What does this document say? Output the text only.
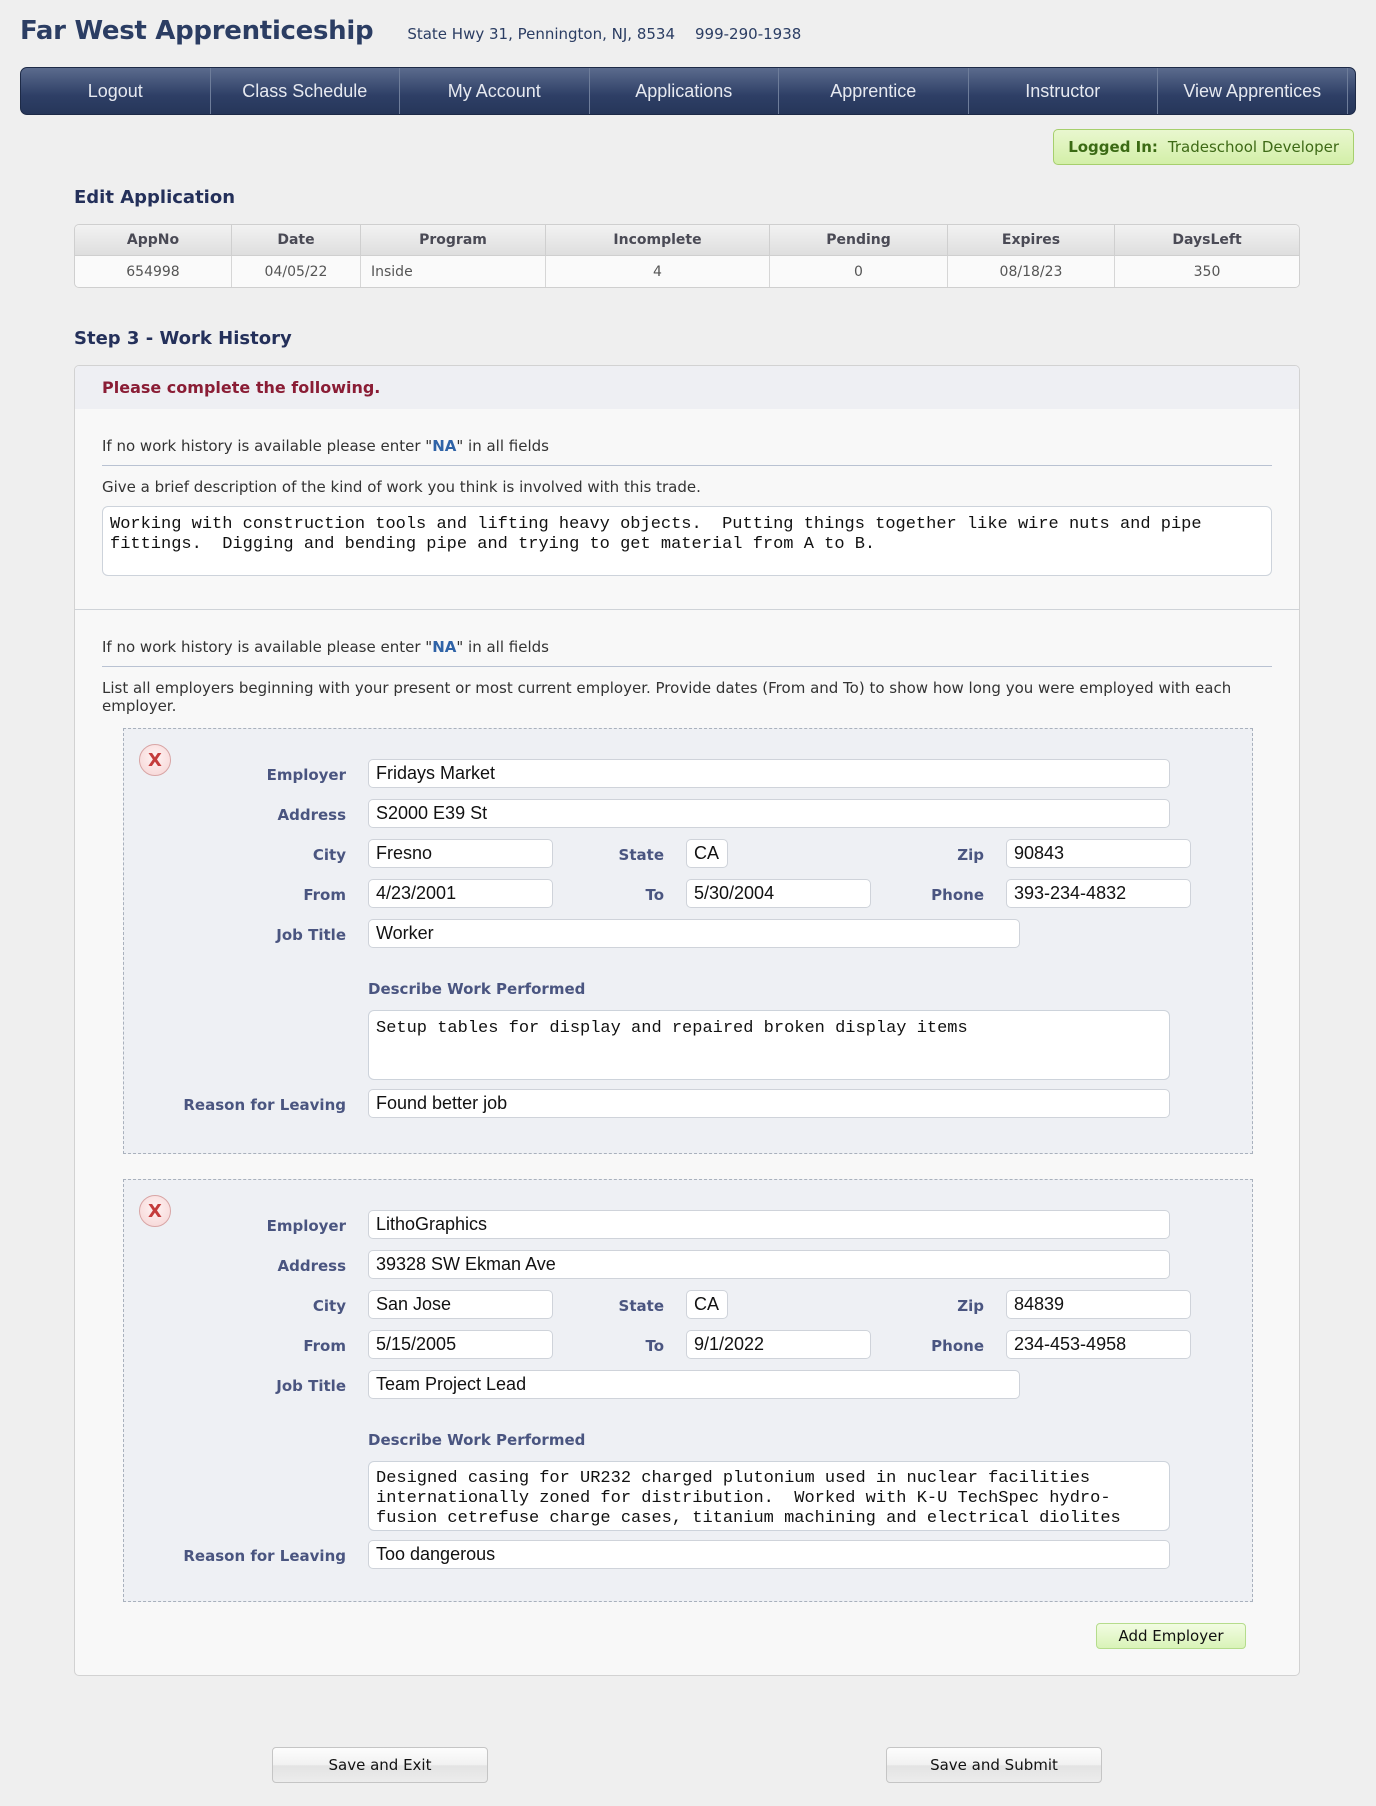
Far West Apprenticeship State Hwy 31, Pennington, NJ, 8534 999-290-1938
Logout	Class Schedule	My Account	Applications	Apprentice	Instructor	View Apprentices
Logged In: Tradeschool Developer
Edit Application
AppNo	Date	Program	Incomplete	Pending	Expires	DaysLeft
654998	04/05/22	Inside	4	0	08/18/23	350
Step 3 - Work History
Please complete the following.
If no work history is available please enter "NA" in all fields
Give a brief description of the kind of work you think is involved with this trade.
Working with construction tools and lifting heavy objects.  Putting things together like wire nuts and pipe fittings.  Digging and bending pipe and trying to get material from A to B.
If no work history is available please enter "NA" in all fields
List all employers beginning with your present or most current employer. Provide dates (From and To) to show how long you were employed with each employer.
X
Employer	Fridays Market
Address	S2000 E39 St
City	Fresno	State	CA	Zip	90843
From	4/23/2001	To	5/30/2004	Phone	393-234-4832
Job Title	Worker
Describe Work Performed
Setup tables for display and repaired broken display items
Reason for Leaving	Found better job
X
Employer	LithoGraphics
Address	39328 SW Ekman Ave
City	San Jose	State	CA	Zip	84839
From	5/15/2005	To	9/1/2022	Phone	234-453-4958
Job Title	Team Project Lead
Describe Work Performed
Designed casing for UR232 charged plutonium used in nuclear facilities internationally zoned for distribution.  Worked with K-U TechSpec hydro-fusion cetrefuse charge cases, titanium machining and electrical diolites
Reason for Leaving	Too dangerous
Add Employer
Save and Exit	Save and Submit
